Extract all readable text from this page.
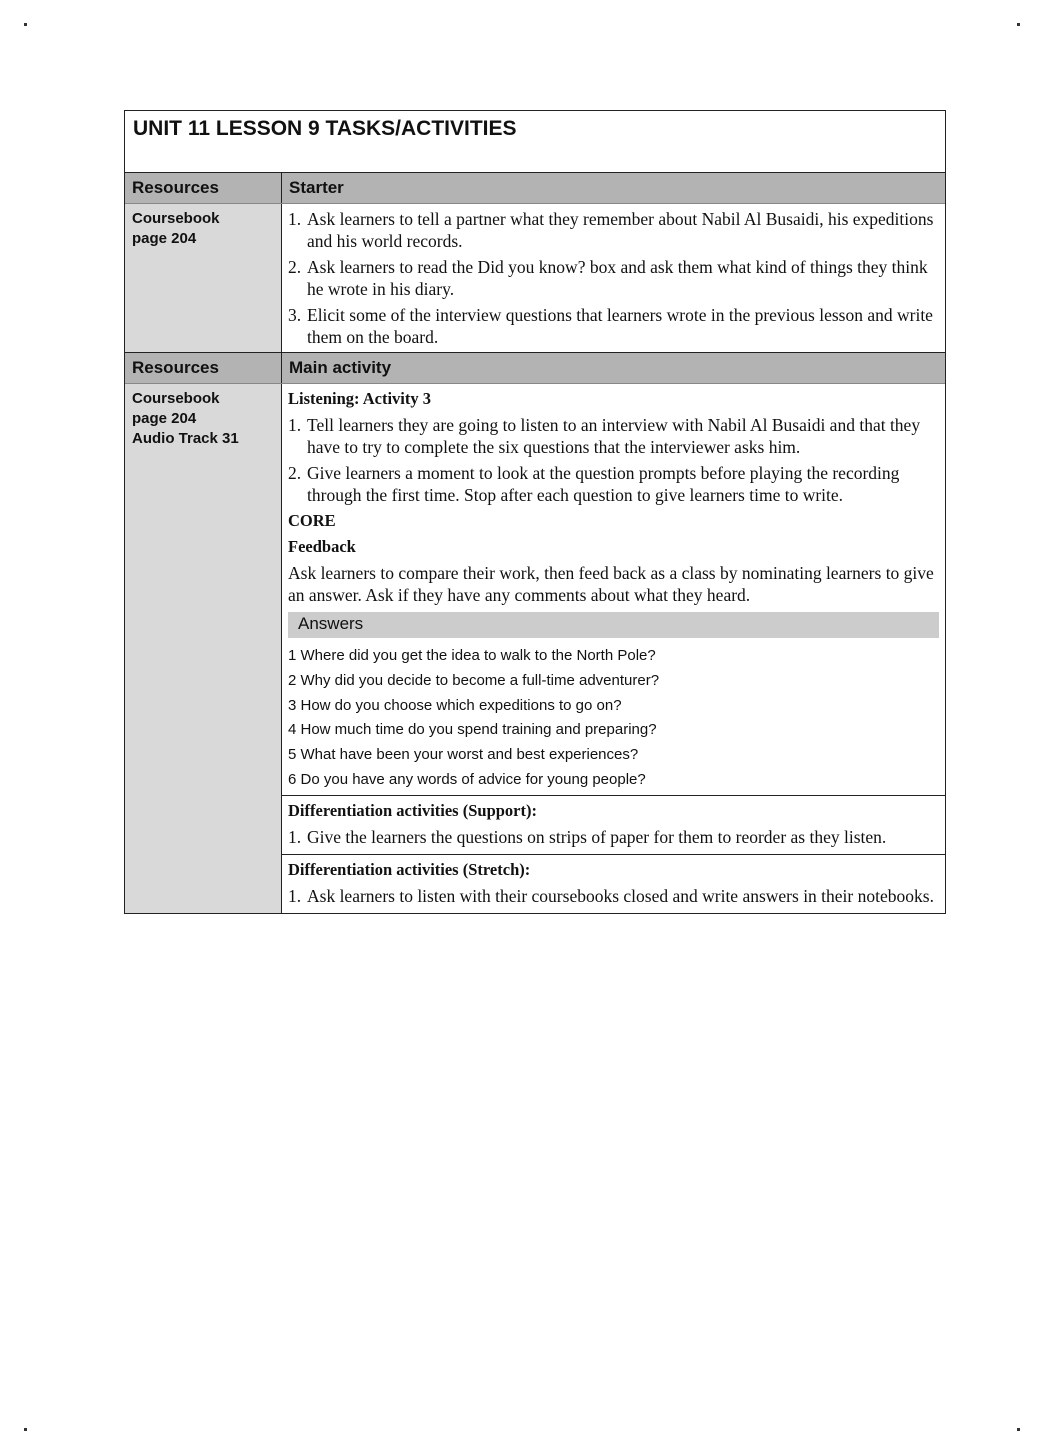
UNIT 11 LESSON 9 TASKS/ACTIVITIES
Resources	Starter
Coursebook
page 204
1. Ask learners to tell a partner what they remember about Nabil Al Busaidi, his expeditions and his world records.
2. Ask learners to read the Did you know? box and ask them what kind of things they think he wrote in his diary.
3. Elicit some of the interview questions that learners wrote in the previous lesson and write them on the board.
Resources	Main activity
Coursebook
page 204
Audio Track 31
Listening: Activity 3
1. Tell learners they are going to listen to an interview with Nabil Al Busaidi and that they have to try to complete the six questions that the interviewer asks him.
2. Give learners a moment to look at the question prompts before playing the recording through the first time. Stop after each question to give learners time to write.
CORE
Feedback
Ask learners to compare their work, then feed back as a class by nominating learners to give an answer. Ask if they have any comments about what they heard.
Answers
1 Where did you get the idea to walk to the North Pole?
2 Why did you decide to become a full-time adventurer?
3 How do you choose which expeditions to go on?
4 How much time do you spend training and preparing?
5 What have been your worst and best experiences?
6 Do you have any words of advice for young people?
Differentiation activities (Support):
1. Give the learners the questions on strips of paper for them to reorder as they listen.
Differentiation activities (Stretch):
1. Ask learners to listen with their coursebooks closed and write answers in their notebooks.
